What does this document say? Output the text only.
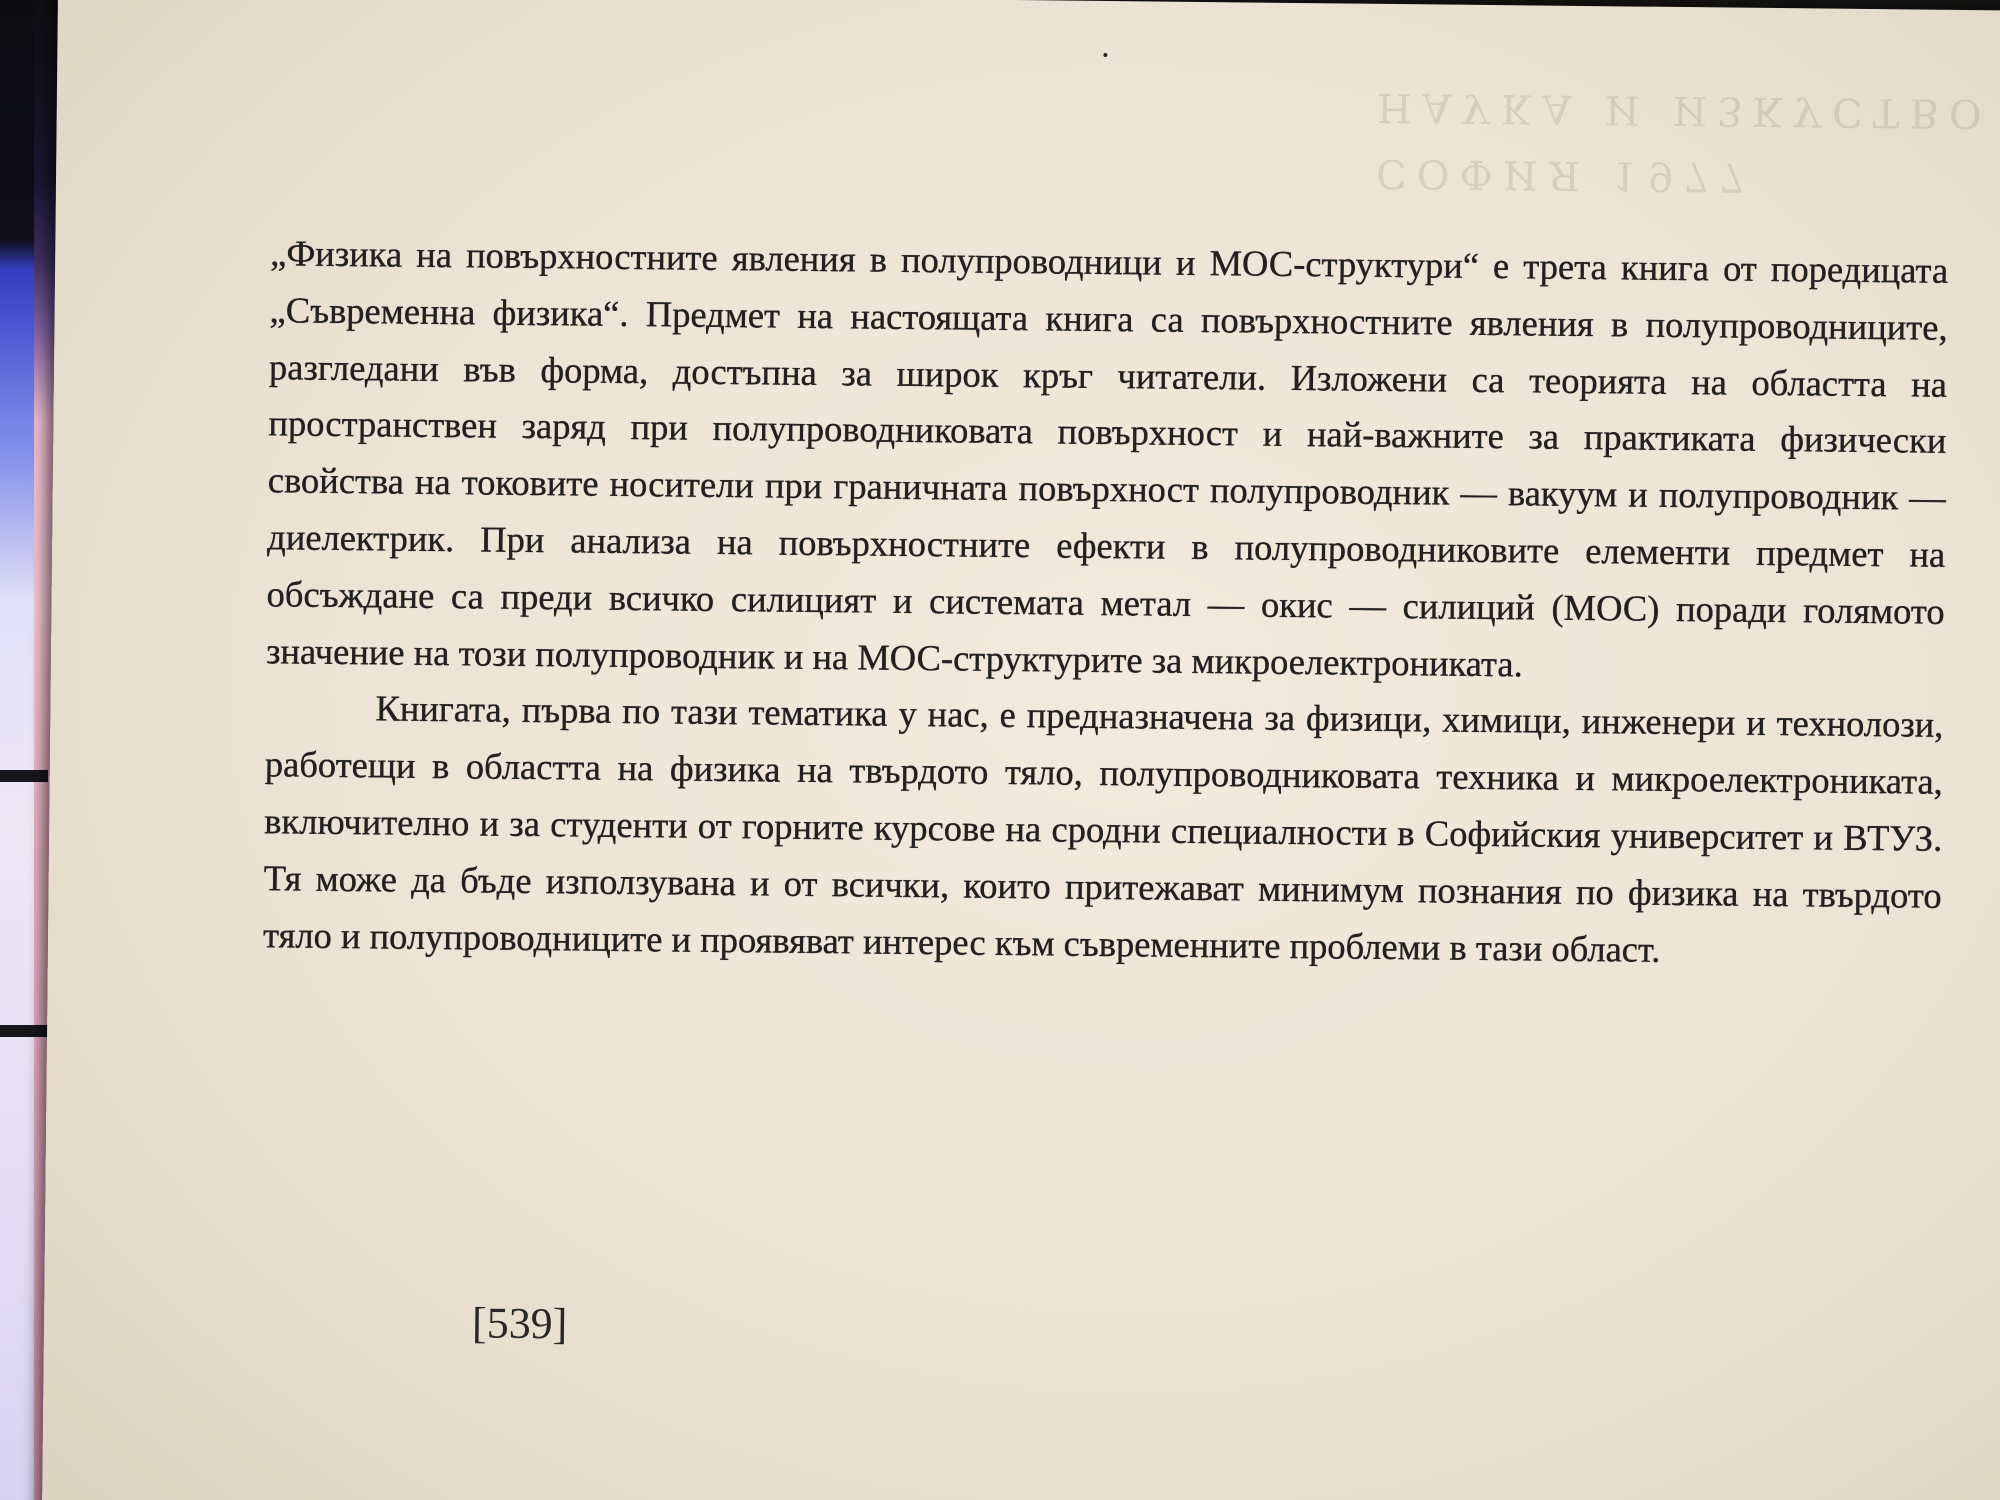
СОФИЯ 1977
НАУКА И ИЗКУСТВО

„Физика на повърхностните явления в полупроводници и МОС-структури“ е трета книга от поредицата „Съвременна физика“. Предмет на настоящата книга са повърхностните явления в полупроводниците, разгледани във форма, достъпна за широк кръг читатели. Изложени са теорията на областта на пространствен заряд при полупроводниковата повърхност и най-важните за практиката физически свойства на токовите носители при граничната повърхност полупроводник — вакуум и полупроводник — диелектрик. При анализа на повърхностните ефекти в полупроводниковите елементи предмет на обсъждане са преди всичко силицият и системата метал — окис — силиций (МОС) поради голямото значение на този полупроводник и на МОС-структурите за микроелектрониката.

Книгата, първа по тази тематика у нас, е предназначена за физици, химици, инженери и технолози, работещи в областта на физика на твърдото тяло, полупроводниковата техника и микроелектрониката, включително и за студенти от горните курсове на сродни специалности в Софийския университет и ВТУЗ. Тя може да бъде използувана и от всички, които притежават минимум познания по физика на твърдото тяло и полупроводниците и проявяват интерес към съвременните проблеми в тази област.

[539]
